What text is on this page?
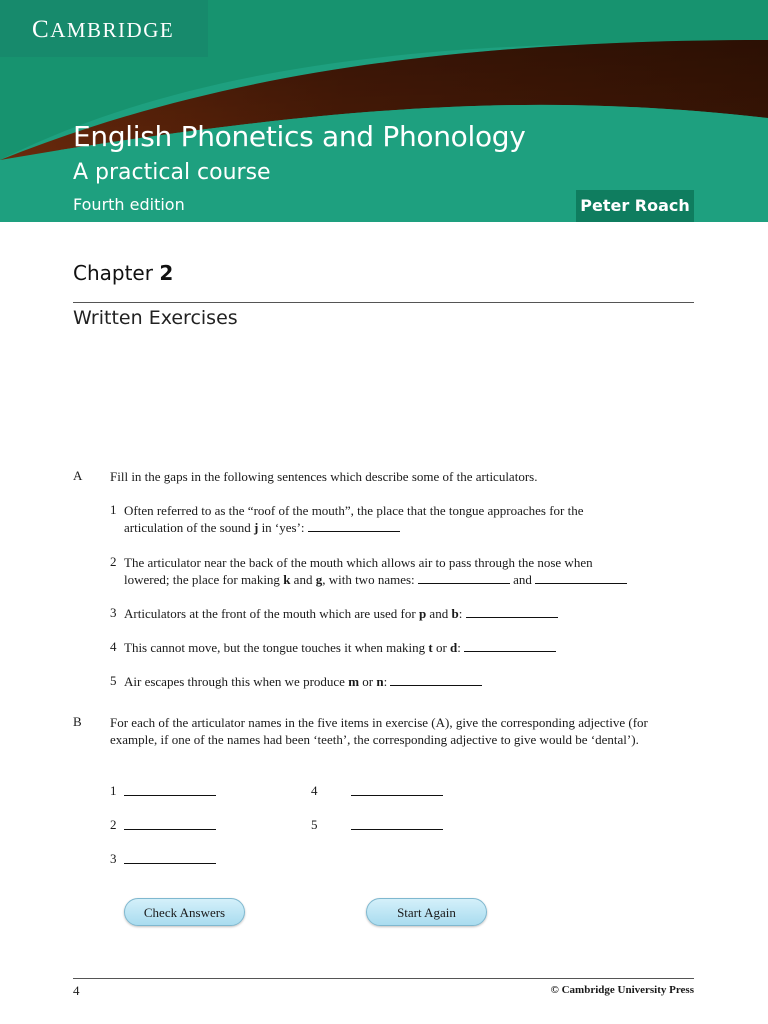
CAMBRIDGE
English Phonetics and Phonology
A practical course
Fourth edition	Peter Roach
Chapter 2
Written Exercises
A Fill in the gaps in the following sentences which describe some of the articulators.
1 Often referred to as the “roof of the mouth”, the place that the tongue approaches for the
articulation of the sound j in ‘yes’:
2 The articulator near the back of the mouth which allows air to pass through the nose when
lowered; the place for making k and g, with two names:	and
3 Articulators at the front of the mouth which are used for p and b:
4 This cannot move, but the tongue touches it when making t or d:
5 Air escapes through this when we produce m or n:
B For each of the articulator names in the five items in exercise (A), give the corresponding adjective (for example, if one of the names had been ‘teeth’, the corresponding adjective to give would be ‘dental’).
1
2
3
4
5
Check Answers	Start Again
4	© Cambridge University Press
